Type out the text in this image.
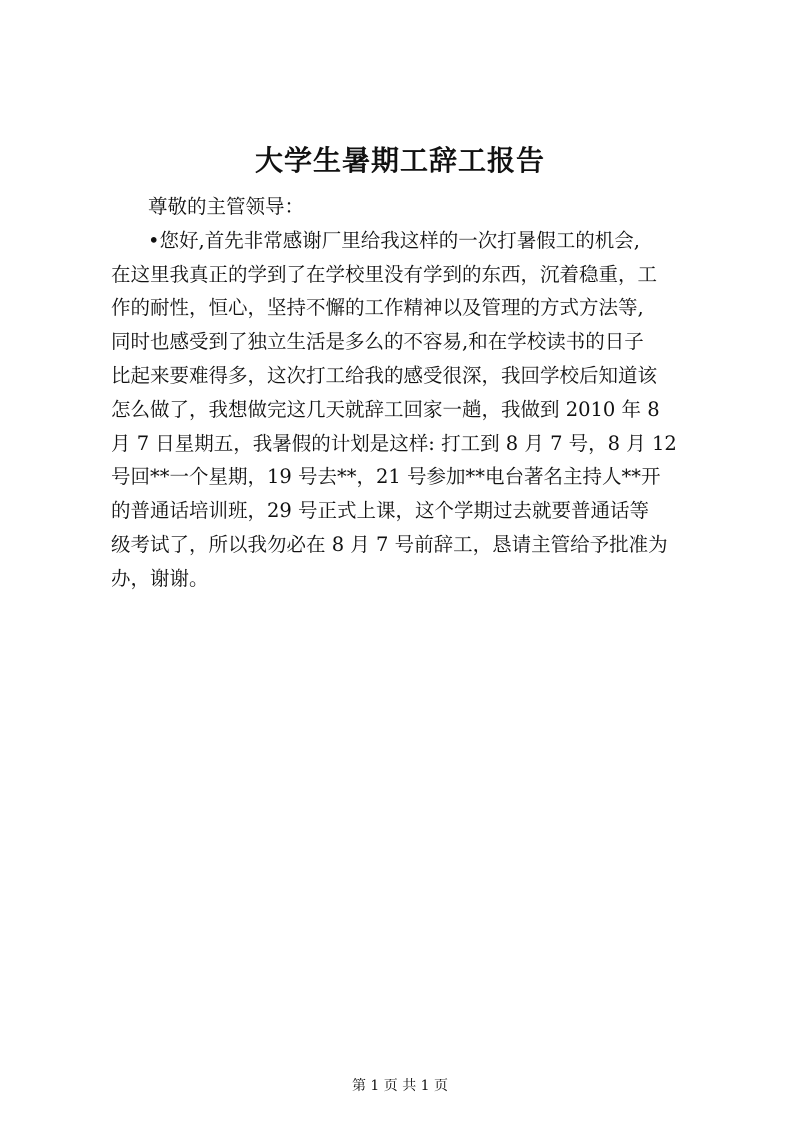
大学生暑期工辞工报告
尊敬的主管领导：
•您好,首先非常感谢厂里给我这样的一次打暑假工的机会,
在这里我真正的学到了在学校里没有学到的东西，沉着稳重，工
作的耐性，恒心，坚持不懈的工作精神以及管理的方式方法等,
同时也感受到了独立生活是多么的不容易,和在学校读书的日子
比起来要难得多，这次打工给我的感受很深，我回学校后知道该
怎么做了，我想做完这几天就辞工回家一趟，我做到 2010 年 8
月 7 日星期五，我暑假的计划是这样: 打工到 8 月 7 号，8 月 12
号回**一个星期，19 号去**，21 号参加**电台著名主持人**开
的普通话培训班，29 号正式上课，这个学期过去就要普通话等
级考试了，所以我勿必在 8 月 7 号前辞工，恳请主管给予批准为
办，谢谢。
第 1 页 共 1 页
